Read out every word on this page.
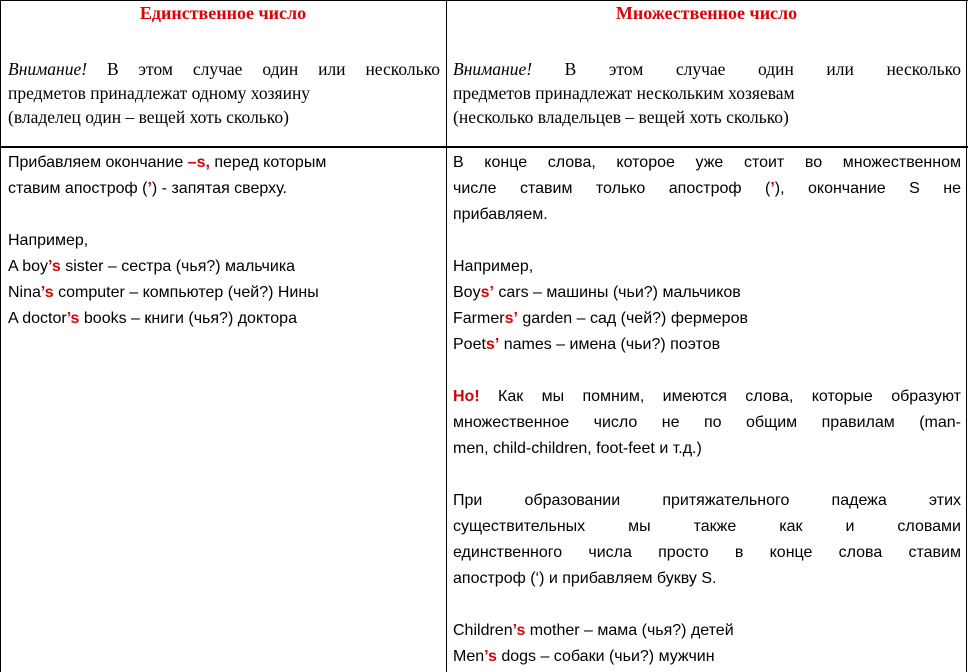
Единственное число	Множественное число
Внимание! В этом случае один или несколько
предметов принадлежат одному хозяину
(владелец один – вещей хоть сколько)
Внимание! В этом случае один или несколько
предметов принадлежат нескольким хозяевам
(несколько владельцев – вещей хоть сколько)
Прибавляем окончание –s, перед которым
ставим апостроф (’) - запятая сверху.

Например,
A boy’s sister – сестра (чья?) мальчика
Nina’s computer – компьютер (чей?) Нины
A doctor’s books – книги (чья?) доктора
В конце слова, которое уже стоит во множественном
числе ставим только апостроф (’), окончание S не
прибавляем.

Например,
Boys’ cars – машины (чьи?) мальчиков
Farmers’ garden – сад (чей?) фермеров
Poets’ names – имена (чьи?) поэтов

Но! Как мы помним, имеются слова, которые образуют
множественное число не по общим правилам (man-
men, child-children, foot-feet и т.д.)

При образовании притяжательного падежа этих
существительных мы также как и словами
единственного числа просто в конце слова ставим
апостроф (‘) и прибавляем букву S.

Children’s mother – мама (чья?) детей
Men’s dogs – собаки (чьи?) мужчин
